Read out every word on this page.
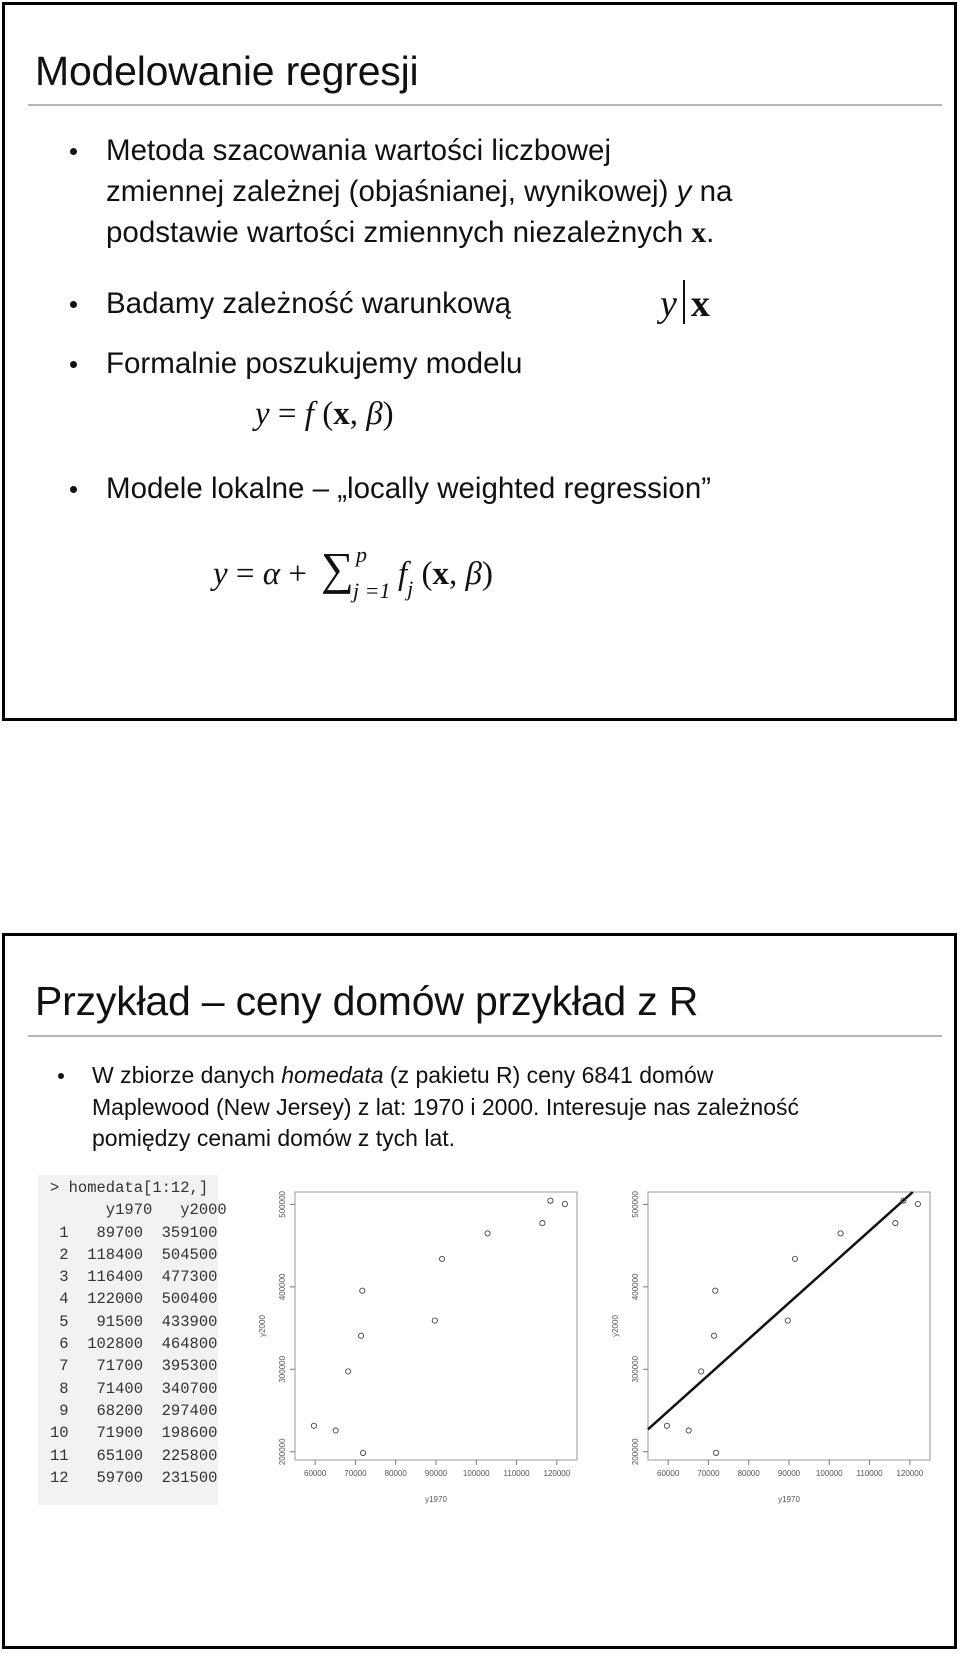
Modelowanie regresji
Metoda szacowania wartości liczbowej
zmiennej zależnej (objaśnianej, wynikowej) y na
podstawie wartości zmiennych niezależnych x.
Badamy zależność warunkową	y x
Formalnie poszukujemy modelu
y = f (x, β)
Modele lokalne – „locally weighted regression”
y = α + ∑ p
j =1 $f_j$ (x, β)
Przykład – ceny domów przykład z R
W zbiorze danych homedata (z pakietu R) ceny 6841 domów
Maplewood (New Jersey) z lat: 1970 i 2000. Interesuje nas zależność
pomiędzy cenami domów z tych lat.
> homedata[1:12,]
y1970   y2000
1   89700  359100
2  118400  504500
3  116400  477300
4  122000  500400
5   91500  433900
6  102800  464800
7   71700  395300
8   71400  340700
9   68200  297400
10   71900  198600
11   65100  225800
12   59700  231500	60000 70000 80000 90000 100000 110000 120000
200000
300000
400000
500000
y1970
y2000
60000 70000 80000 90000 100000 110000 120000
200000
300000
400000
500000
y1970
y2000
